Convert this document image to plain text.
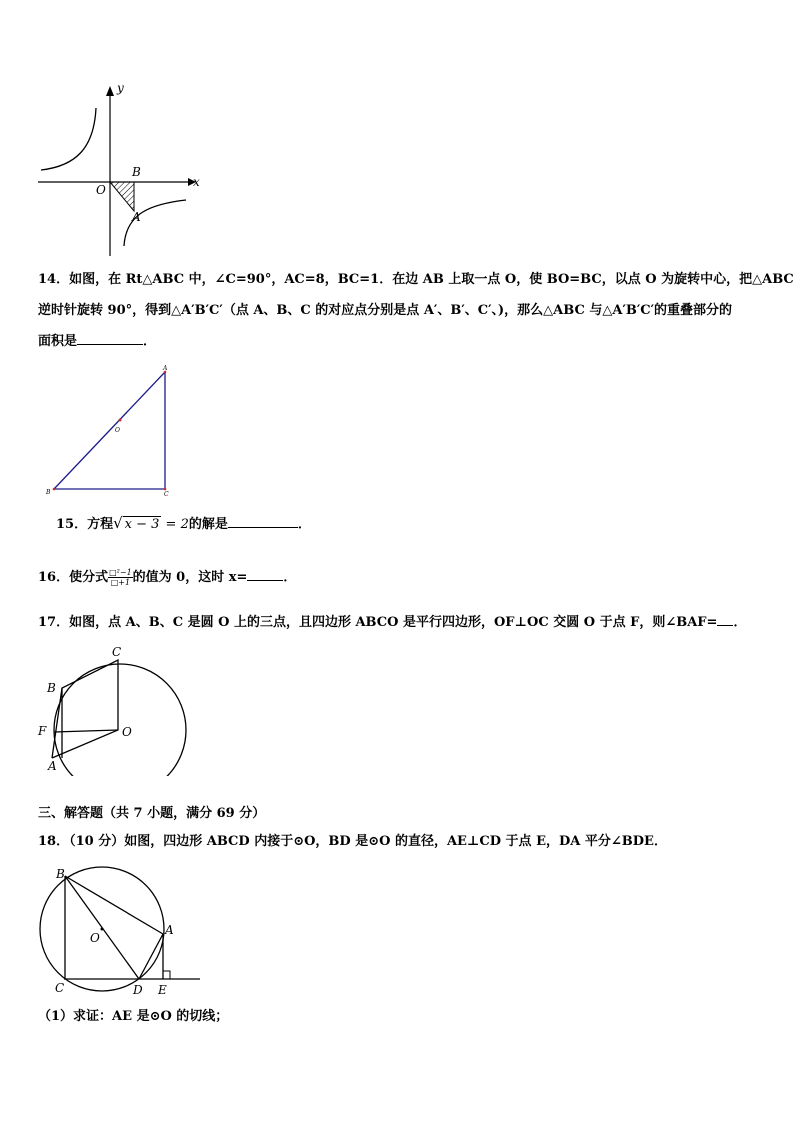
y
x
O
B
A
14．如图，在 Rt△ABC 中，∠C=90°，AC=8，BC=1．在边 AB 上取一点 O，使 BO=BC，以点 O 为旋转中心，把△ABC
逆时针旋转 90°，得到△A′B′C′（点 A、B、C 的对应点分别是点 A′、B′、C′、)，那么△ABC 与△A′B′C′的重叠部分的
面积是	．
A
O
B	C
15．方程√ x − 3 = 2的解是	．
16．使分式 $\frac{\text{□²−1}}{□+1}$ 的值为 0，这时 x=	．
17．如图，点 A、B、C 是圆 O 上的三点，且四边形 ABCO 是平行四边形，OF⊥OC 交圆 O 于点 F，则∠BAF= ．
C
B
F	O
A
三、解答题（共 7 小题，满分 69 分）
18．（10 分）如图，四边形 ABCD 内接于⊙O，BD 是⊙O 的直径，AE⊥CD 于点 E，DA 平分∠BDE．
B
O
A
C	D E
（1）求证：AE 是⊙O 的切线；
